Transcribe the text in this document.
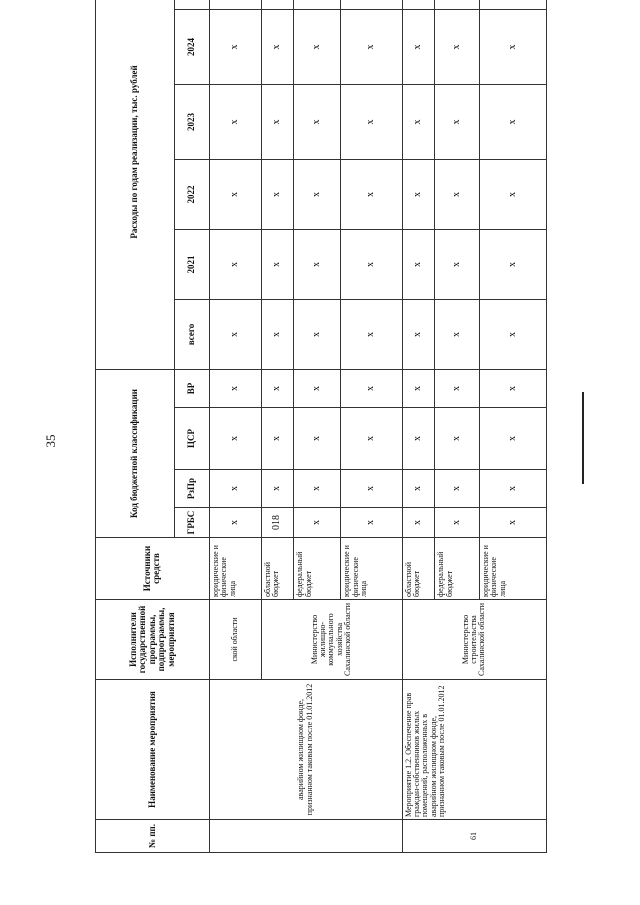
35
№ пп.	Наименование мероприятия	Исполнители государственной программы, подпрограммы, мероприятия	Источники средств	Код бюджетной классификации				Расходы по годам реализации, тыс. рублей					
				ГРБС	РзПр	ЦСР	ВР	всего	2021	2022	2023	2024	
	аварийном жилищном фонде, признанном таковым после 01.01.2012	ской области	юридические и физические лица	х	х	х	х	х	х	х	х	х	
		Министерство жилищно-коммунального хозяйства Сахалинской области	областной бюджет	018	х	х	х	х	х	х	х	х	
			федеральный бюджет	х	х	х	х	х	х	х	х	х	
			юридические и физические лица	х	х	х	х	х	х	х	х	х	
61	Мероприятие 1.2. Обеспечение прав граждан-собственников жилых помещений, расположенных в аварийном жилищном фонде, признанном таковым после 01.01.2012	Министерство строительства Сахалинской области	областной бюджет	х	х	х	х	х	х	х	х	х	
			федеральный бюджет	х	х	х	х	х	х	х	х	х	
			юридические и физические лица	х	х	х	х	х	х	х	х	х	
